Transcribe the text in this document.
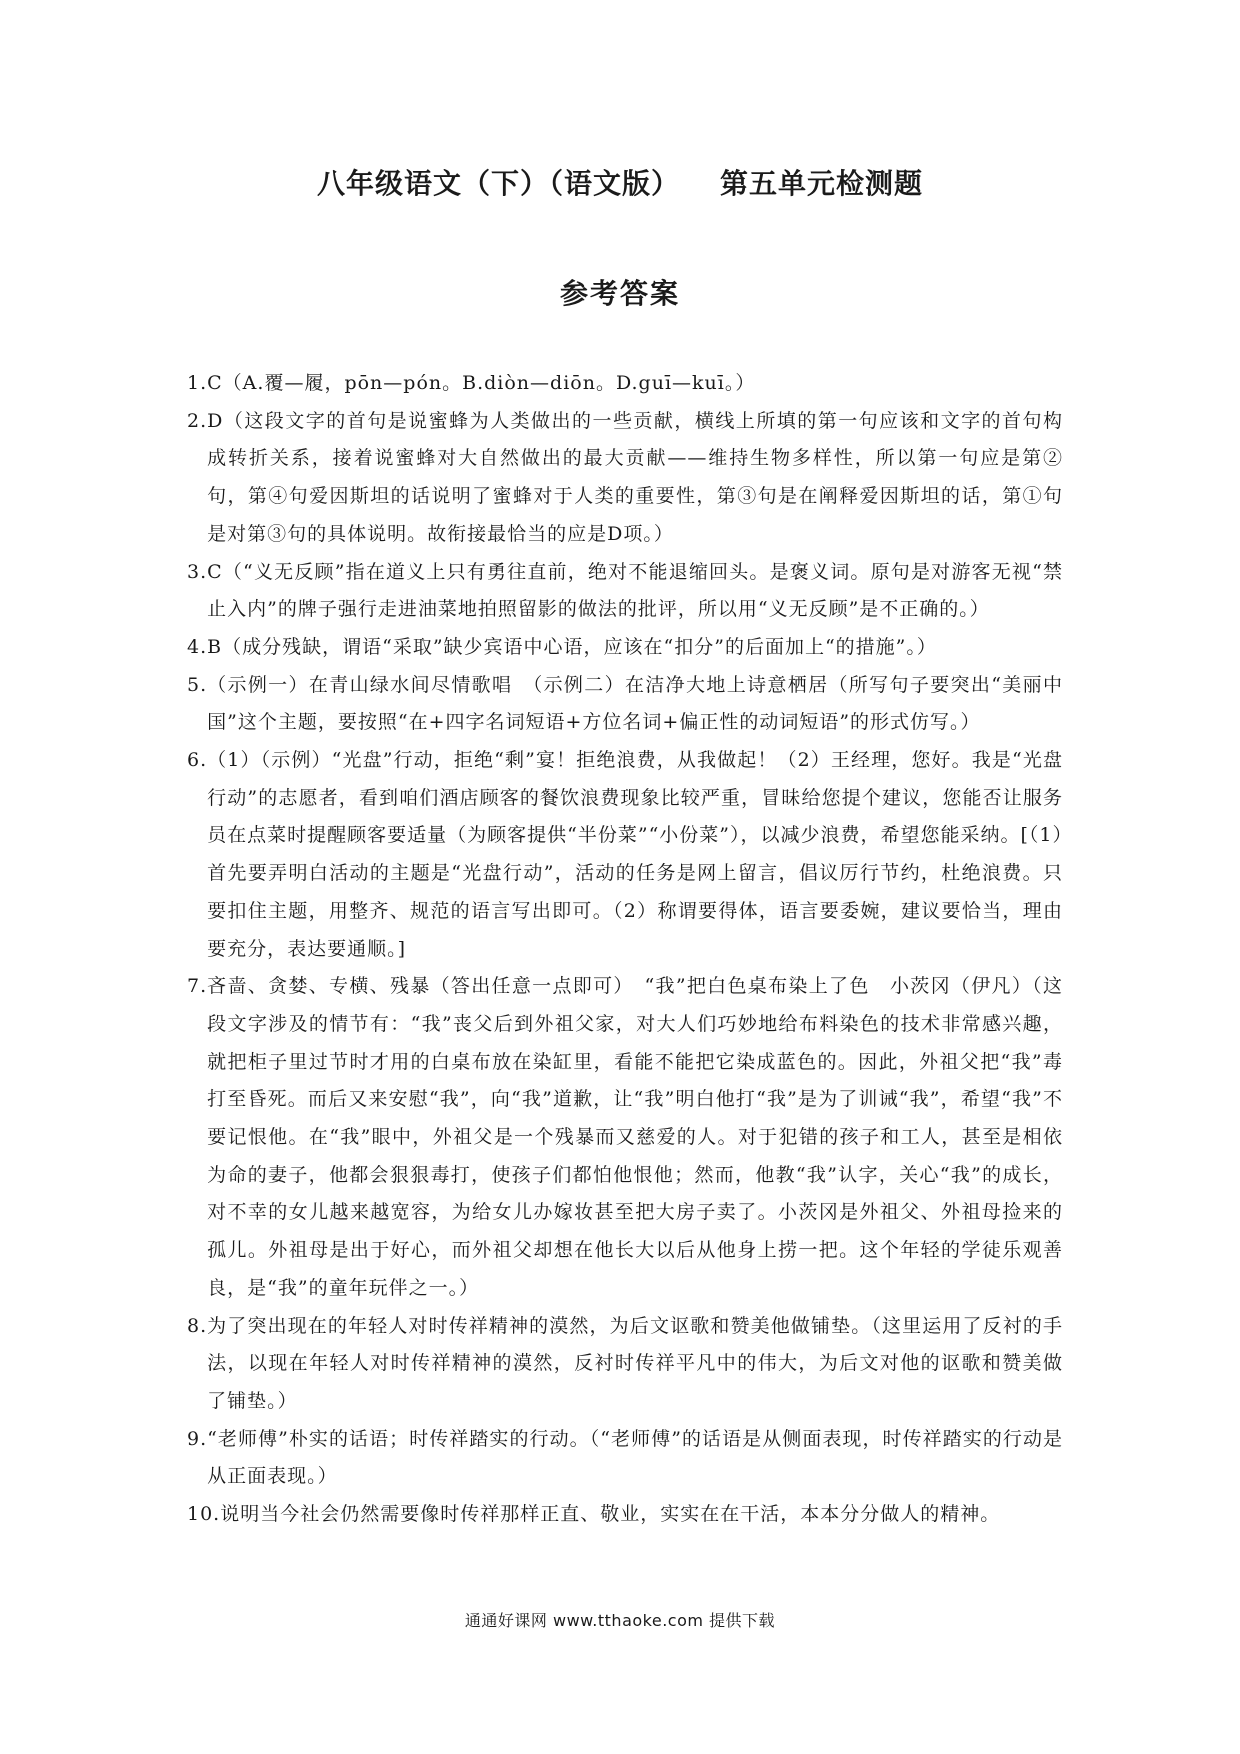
八年级语文（下）（语文版） 第五单元检测题
参考答案
1. C（A.覆—履，pōn—pón。B.diòn—diōn。D.guī—kuī。）
2. D（这段文字的首句是说蜜蜂为人类做出的一些贡献，横线上所填的第一句应该和文字的首句构成转折关系，接着说蜜蜂对大自然做出的最大贡献——维持生物多样性，所以第一句应是第②句，第④句爱因斯坦的话说明了蜜蜂对于人类的重要性，第③句是在阐释爱因斯坦的话，第①句是对第③句的具体说明。故衔接最恰当的应是D项。）
3. C（“义无反顾”指在道义上只有勇往直前，绝对不能退缩回头。是褒义词。原句是对游客无视“禁止入内”的牌子强行走进油菜地拍照留影的做法的批评，所以用“义无反顾”是不正确的。）
4. B（成分残缺，谓语“采取”缺少宾语中心语，应该在“扣分”的后面加上“的措施”。）
5. （示例一）在青山绿水间尽情歌唱　（示例二）在洁净大地上诗意栖居（所写句子要突出“美丽中国”这个主题，要按照“在+四字名词短语+方位名词+偏正性的动词短语”的形式仿写。）
6. （1）（示例）“光盘”行动，拒绝“剩”宴！拒绝浪费，从我做起！（2）王经理，您好。我是“光盘行动”的志愿者，看到咱们酒店顾客的餐饮浪费现象比较严重，冒昧给您提个建议，您能否让服务员在点菜时提醒顾客要适量（为顾客提供“半份菜”“小份菜”），以减少浪费，希望您能采纳。[（1）首先要弄明白活动的主题是“光盘行动”，活动的任务是网上留言，倡议厉行节约，杜绝浪费。只要扣住主题，用整齐、规范的语言写出即可。（2）称谓要得体，语言要委婉，建议要恰当，理由要充分，表达要通顺。]
7. 吝啬、贪婪、专横、残暴（答出任意一点即可）　“我”把白色桌布染上了色　小茨冈（伊凡）（这段文字涉及的情节有：“我”丧父后到外祖父家，对大人们巧妙地给布料染色的技术非常感兴趣，就把柜子里过节时才用的白桌布放在染缸里，看能不能把它染成蓝色的。因此，外祖父把“我”毒打至昏死。而后又来安慰“我”，向“我”道歉，让“我”明白他打“我”是为了训诫“我”，希望“我”不要记恨他。在“我”眼中，外祖父是一个残暴而又慈爱的人。对于犯错的孩子和工人，甚至是相依为命的妻子，他都会狠狠毒打，使孩子们都怕他恨他；然而，他教“我”认字，关心“我”的成长，对不幸的女儿越来越宽容，为给女儿办嫁妆甚至把大房子卖了。小茨冈是外祖父、外祖母捡来的孤儿。外祖母是出于好心，而外祖父却想在他长大以后从他身上捞一把。这个年轻的学徒乐观善良，是“我”的童年玩伴之一。）
8. 为了突出现在的年轻人对时传祥精神的漠然，为后文讴歌和赞美他做铺垫。（这里运用了反衬的手法，以现在年轻人对时传祥精神的漠然，反衬时传祥平凡中的伟大，为后文对他的讴歌和赞美做了铺垫。）
9. “老师傅”朴实的话语；时传祥踏实的行动。（“老师傅”的话语是从侧面表现，时传祥踏实的行动是从正面表现。）
10. 说明当今社会仍然需要像时传祥那样正直、敬业，实实在在干活，本本分分做人的精神。
通通好课网 www.tthaoke.com 提供下载
